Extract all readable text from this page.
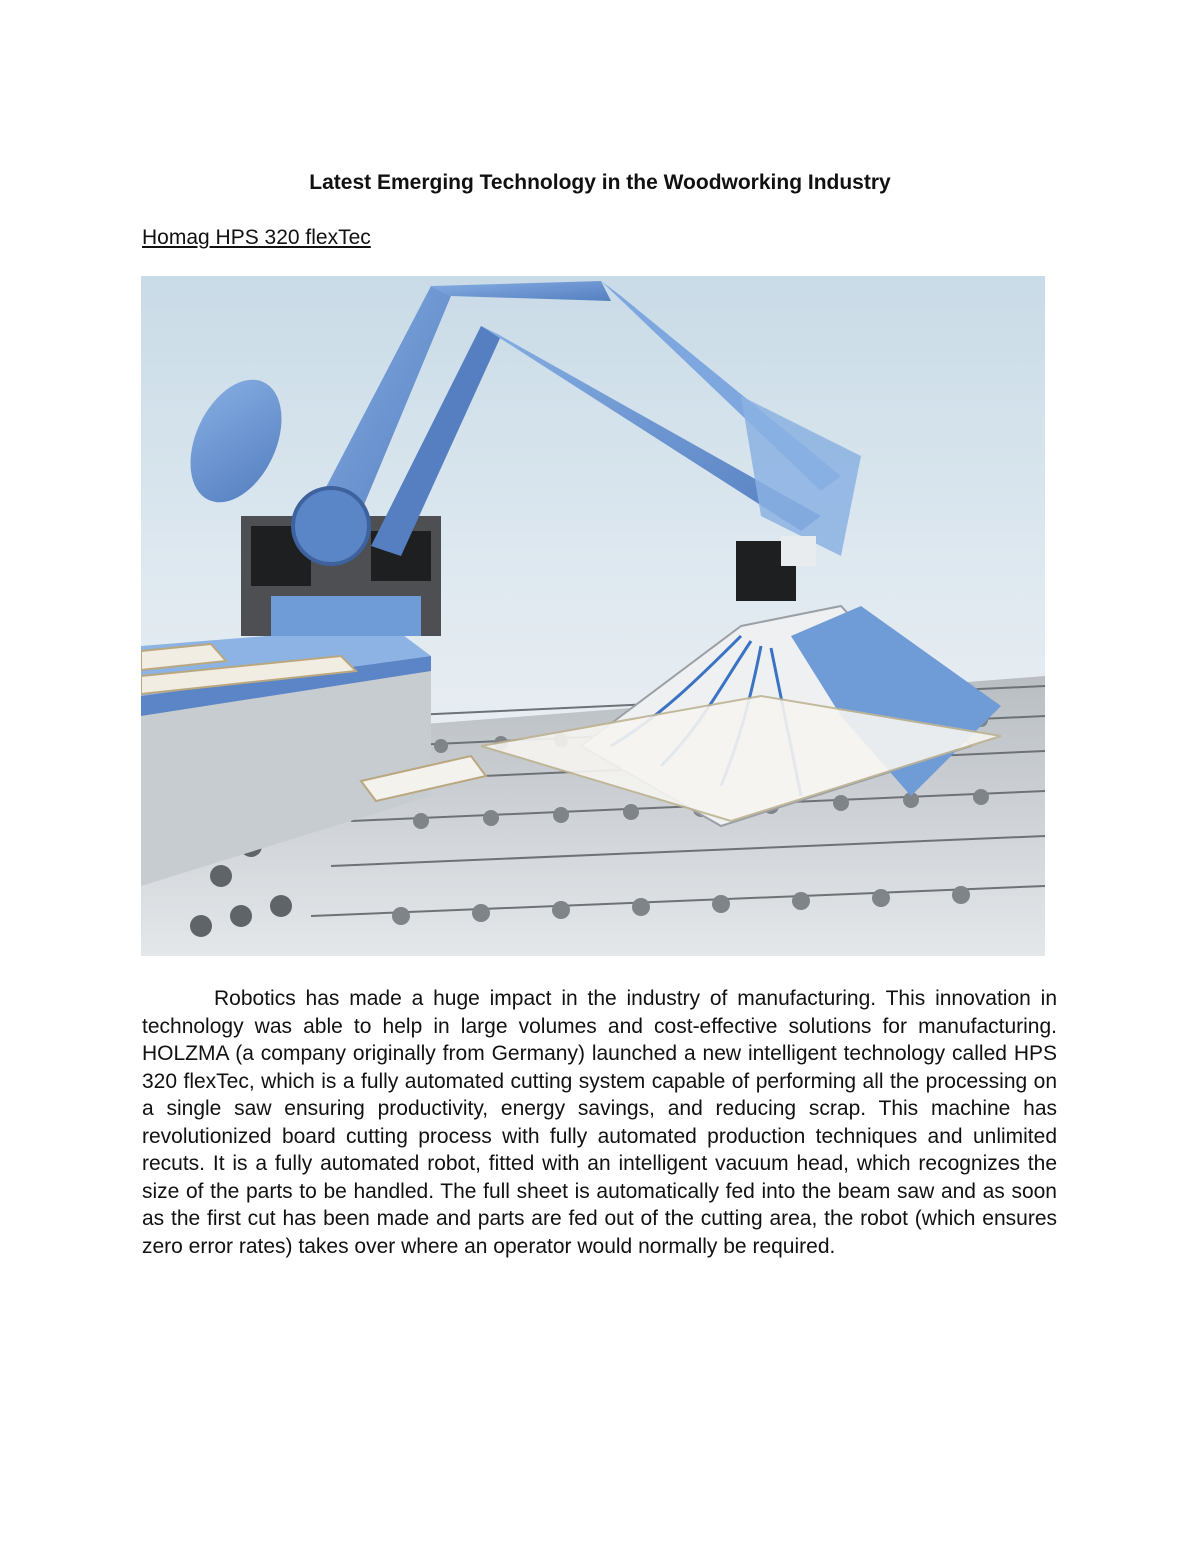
Latest Emerging Technology in the Woodworking Industry
Homag HPS 320 flexTec

Robotics has made a huge impact in the industry of manufacturing. This innovation in technology was able to help in large volumes and cost-effective solutions for manufacturing. HOLZMA (a company originally from Germany) launched a new intelligent technology called HPS 320 flexTec, which is a fully automated cutting system capable of performing all the processing on a single saw ensuring productivity, energy savings, and reducing scrap. This machine has revolutionized board cutting process with fully automated production techniques and unlimited recuts. It is a fully automated robot, fitted with an intelligent vacuum head, which recognizes the size of the parts to be handled. The full sheet is automatically fed into the beam saw and as soon as the first cut has been made and parts are fed out of the cutting area, the robot (which ensures zero error rates) takes over where an operator would normally be required.
